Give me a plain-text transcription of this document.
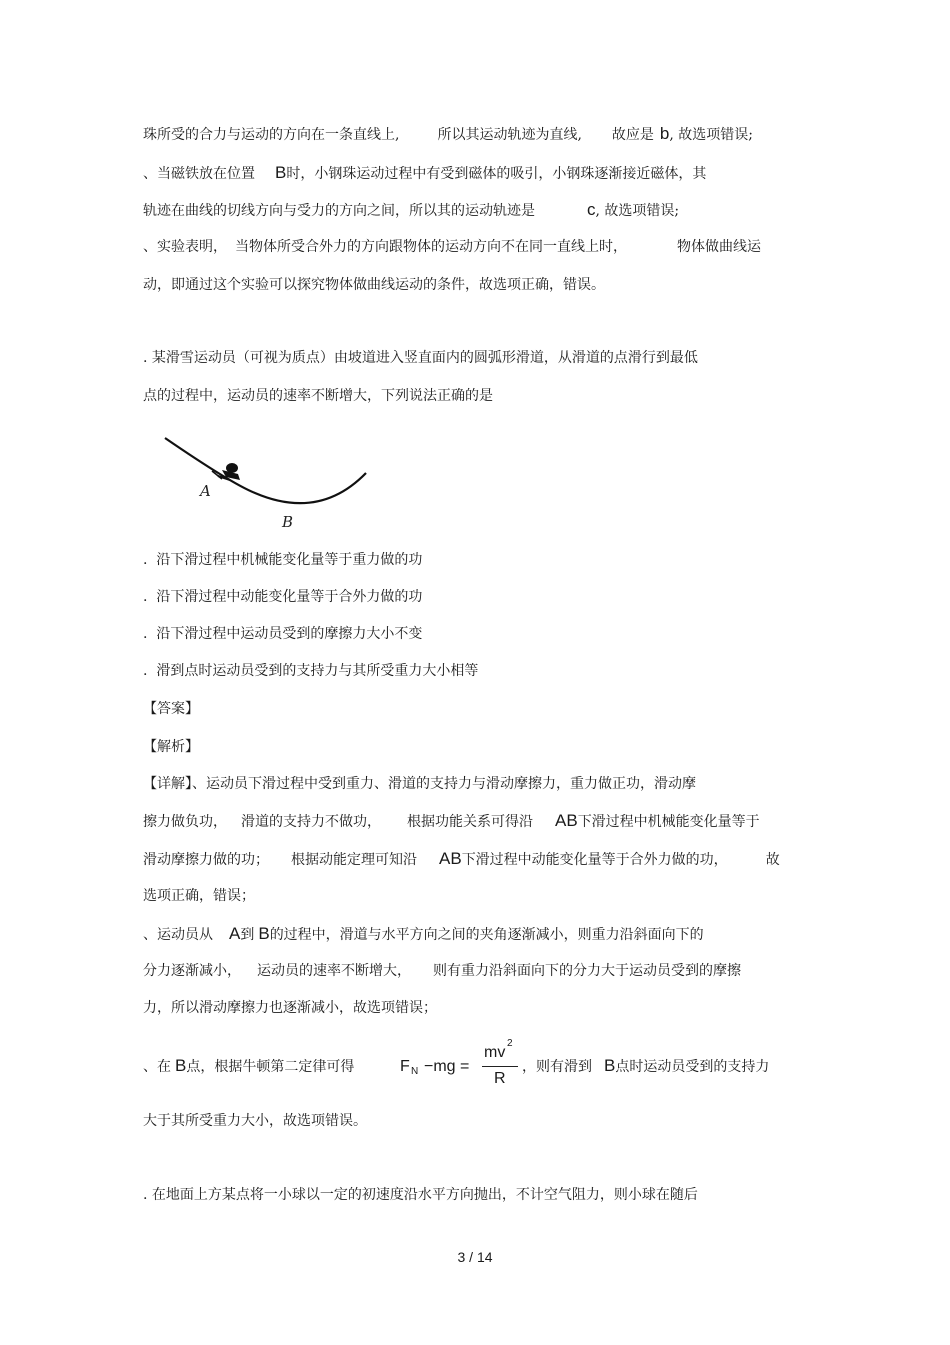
珠所受的合力与运动的方向在一条直线上,	所以其运动轨迹为直线, 故应是 b, 故选项错误;
、当磁铁放在位置 B时，小钢珠运动过程中有受到磁体的吸引，小钢珠逐渐接近磁体，其
轨迹在曲线的切线方向与受力的方向之间，所以其的运动轨迹是	c, 故选项错误;
、实验表明， 当物体所受合外力的方向跟物体的运动方向不在同一直线上时，	物体做曲线运
动，即通过这个实验可以探究物体做曲线运动的条件，故选项正确，错误。
. 某滑雪运动员（可视为质点）由坡道进入竖直面内的圆弧形滑道，从滑道的点滑行到最低
点的过程中，运动员的速率不断增大，下列说法正确的是
A
B
.  沿下滑过程中机械能变化量等于重力做的功
.  沿下滑过程中动能变化量等于合外力做的功
.  沿下滑过程中运动员受到的摩擦力大小不变
.  滑到点时运动员受到的支持力与其所受重力大小相等
【答案】
【解析】
【详解】、运动员下滑过程中受到重力、滑道的支持力与滑动摩擦力，重力做正功，滑动摩
擦力做负功， 滑道的支持力不做功， 根据功能关系可得沿 AB下滑过程中机械能变化量等于
滑动摩擦力做的功； 根据动能定理可知沿 AB下滑过程中动能变化量等于合外力做的功，	故
选项正确，错误；
、运动员从 A到 B的过程中，滑道与水平方向之间的夹角逐渐减小，则重力沿斜面向下的
分力逐渐减小， 运动员的速率不断增大， 则有重力沿斜面向下的分力大于运动员受到的摩擦
力，所以滑动摩擦力也逐渐减小，故选项错误；
、在 B点，根据牛顿第二定律可得	F N −mg =
mv
2
R
，则有滑到 B点时运动员受到的支持力
大于其所受重力大小，故选项错误。
. 在地面上方某点将一小球以一定的初速度沿水平方向抛出，不计空气阻力，则小球在随后
3 / 14
